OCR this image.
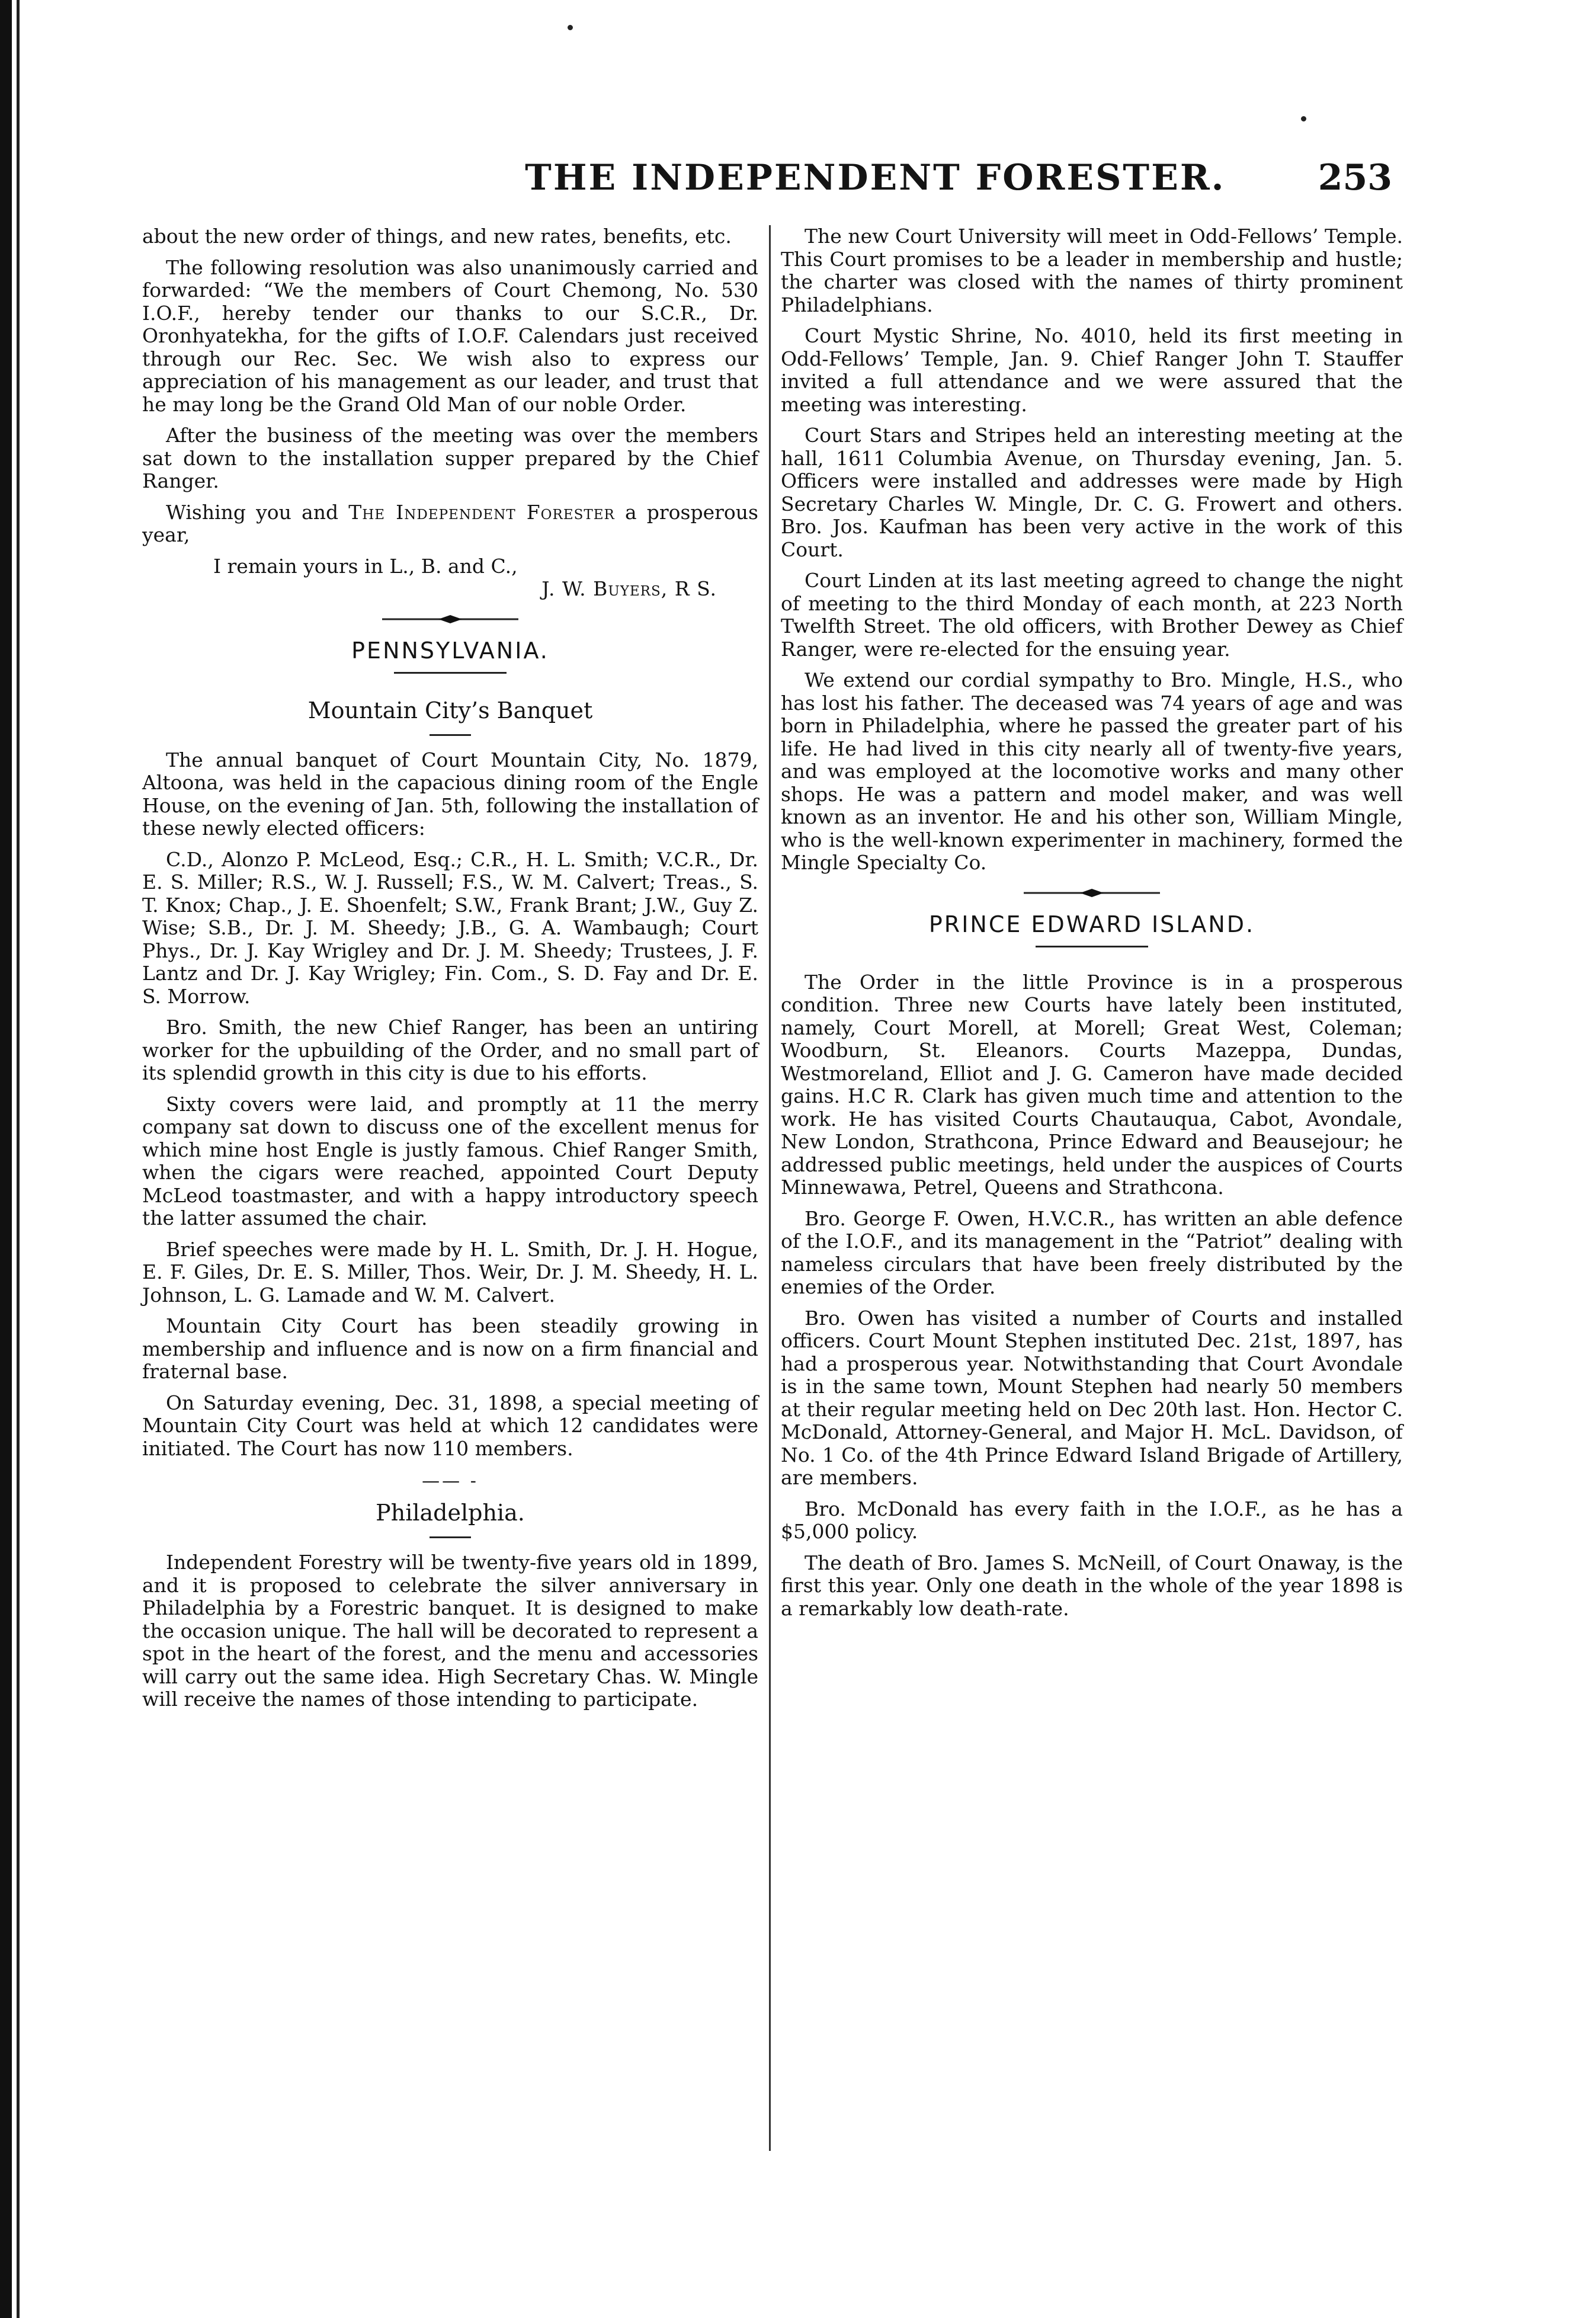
THE INDEPENDENT FORESTER.	253

about the new order of things, and new rates, benefits, etc.

The following resolution was also unanimously carried and forwarded: “We the members of Court Chemong, No. 530 I.O.F., hereby tender our thanks to our S.C.R., Dr. Oronhyatekha, for the gifts of I.O.F. Calendars just received through our Rec. Sec. We wish also to express our appreciation of his management as our leader, and trust that he may long be the Grand Old Man of our noble Order.

After the business of the meeting was over the members sat down to the installation supper prepared by the Chief Ranger.

Wishing you and The Independent Forester a prosperous year,

I remain yours in L., B. and C.,

J. W. Buyers, R S.

PENNSYLVANIA.
Mountain City’s Banquet

The annual banquet of Court Mountain City, No. 1879, Altoona, was held in the capacious dining room of the Engle House, on the evening of Jan. 5th, following the installation of these newly elected officers:

C.D., Alonzo P. McLeod, Esq.; C.R., H. L. Smith; V.C.R., Dr. E. S. Miller; R.S., W. J. Russell; F.S., W. M. Calvert; Treas., S. T. Knox; Chap., J. E. Shoenfelt; S.W., Frank Brant; J.W., Guy Z. Wise; S.B., Dr. J. M. Sheedy; J.B., G. A. Wambaugh; Court Phys., Dr. J. Kay Wrigley and Dr. J. M. Sheedy; Trustees, J. F. Lantz and Dr. J. Kay Wrigley; Fin. Com., S. D. Fay and Dr. E. S. Morrow.

Bro. Smith, the new Chief Ranger, has been an untiring worker for the upbuilding of the Order, and no small part of its splendid growth in this city is due to his efforts.

Sixty covers were laid, and promptly at 11 the merry company sat down to discuss one of the excellent menus for which mine host Engle is justly famous. Chief Ranger Smith, when the cigars were reached, appointed Court Deputy McLeod toastmaster, and with a happy introductory speech the latter assumed the chair.

Brief speeches were made by H. L. Smith, Dr. J. H. Hogue, E. F. Giles, Dr. E. S. Miller, Thos. Weir, Dr. J. M. Sheedy, H. L. Johnson, L. G. Lamade and W. M. Calvert.

Mountain City Court has been steadily growing in membership and influence and is now on a firm financial and fraternal base.

On Saturday evening, Dec. 31, 1898, a special meeting of Mountain City Court was held at which 12 candidates were initiated. The Court has now 110 members.

—— -
Philadelphia.

Independent Forestry will be twenty-five years old in 1899, and it is proposed to celebrate the silver anniversary in Philadelphia by a Forestric banquet. It is designed to make the occasion unique. The hall will be decorated to represent a spot in the heart of the forest, and the menu and accessories will carry out the same idea. High Secretary Chas. W. Mingle will receive the names of those intending to participate.

The new Court University will meet in Odd-Fellows’ Temple. This Court promises to be a leader in membership and hustle; the charter was closed with the names of thirty prominent Philadelphians.

Court Mystic Shrine, No. 4010, held its first meeting in Odd-Fellows’ Temple, Jan. 9. Chief Ranger John T. Stauffer invited a full attendance and we were assured that the meeting was interesting.

Court Stars and Stripes held an interesting meeting at the hall, 1611 Columbia Avenue, on Thursday evening, Jan. 5. Officers were installed and addresses were made by High Secretary Charles W. Mingle, Dr. C. G. Frowert and others. Bro. Jos. Kaufman has been very active in the work of this Court.

Court Linden at its last meeting agreed to change the night of meeting to the third Monday of each month, at 223 North Twelfth Street. The old officers, with Brother Dewey as Chief Ranger, were re-elected for the ensuing year.

We extend our cordial sympathy to Bro. Mingle, H.S., who has lost his father. The deceased was 74 years of age and was born in Philadelphia, where he passed the greater part of his life. He had lived in this city nearly all of twenty-five years, and was employed at the locomotive works and many other shops. He was a pattern and model maker, and was well known as an inventor. He and his other son, William Mingle, who is the well-known experimenter in machinery, formed the Mingle Specialty Co.

PRINCE EDWARD ISLAND.

The Order in the little Province is in a prosperous condition. Three new Courts have lately been instituted, namely, Court Morell, at Morell; Great West, Coleman; Woodburn, St. Eleanors. Courts Mazeppa, Dundas, Westmoreland, Elliot and J. G. Cameron have made decided gains. H.C R. Clark has given much time and attention to the work. He has visited Courts Chautauqua, Cabot, Avondale, New London, Strathcona, Prince Edward and Beausejour; he addressed public meetings, held under the auspices of Courts Minnewawa, Petrel, Queens and Strathcona.

Bro. George F. Owen, H.V.C.R., has written an able defence of the I.O.F., and its management in the “Patriot” dealing with nameless circulars that have been freely distributed by the enemies of the Order.

Bro. Owen has visited a number of Courts and installed officers. Court Mount Stephen instituted Dec. 21st, 1897, has had a prosperous year. Notwithstanding that Court Avondale is in the same town, Mount Stephen had nearly 50 members at their regular meeting held on Dec 20th last. Hon. Hector C. McDonald, Attorney-General, and Major H. McL. Davidson, of No. 1 Co. of the 4th Prince Edward Island Brigade of Artillery, are members.

Bro. McDonald has every faith in the I.O.F., as he has a $5,000 policy.

The death of Bro. James S. McNeill, of Court Onaway, is the first this year. Only one death in the whole of the year 1898 is a remarkably low death-rate.
